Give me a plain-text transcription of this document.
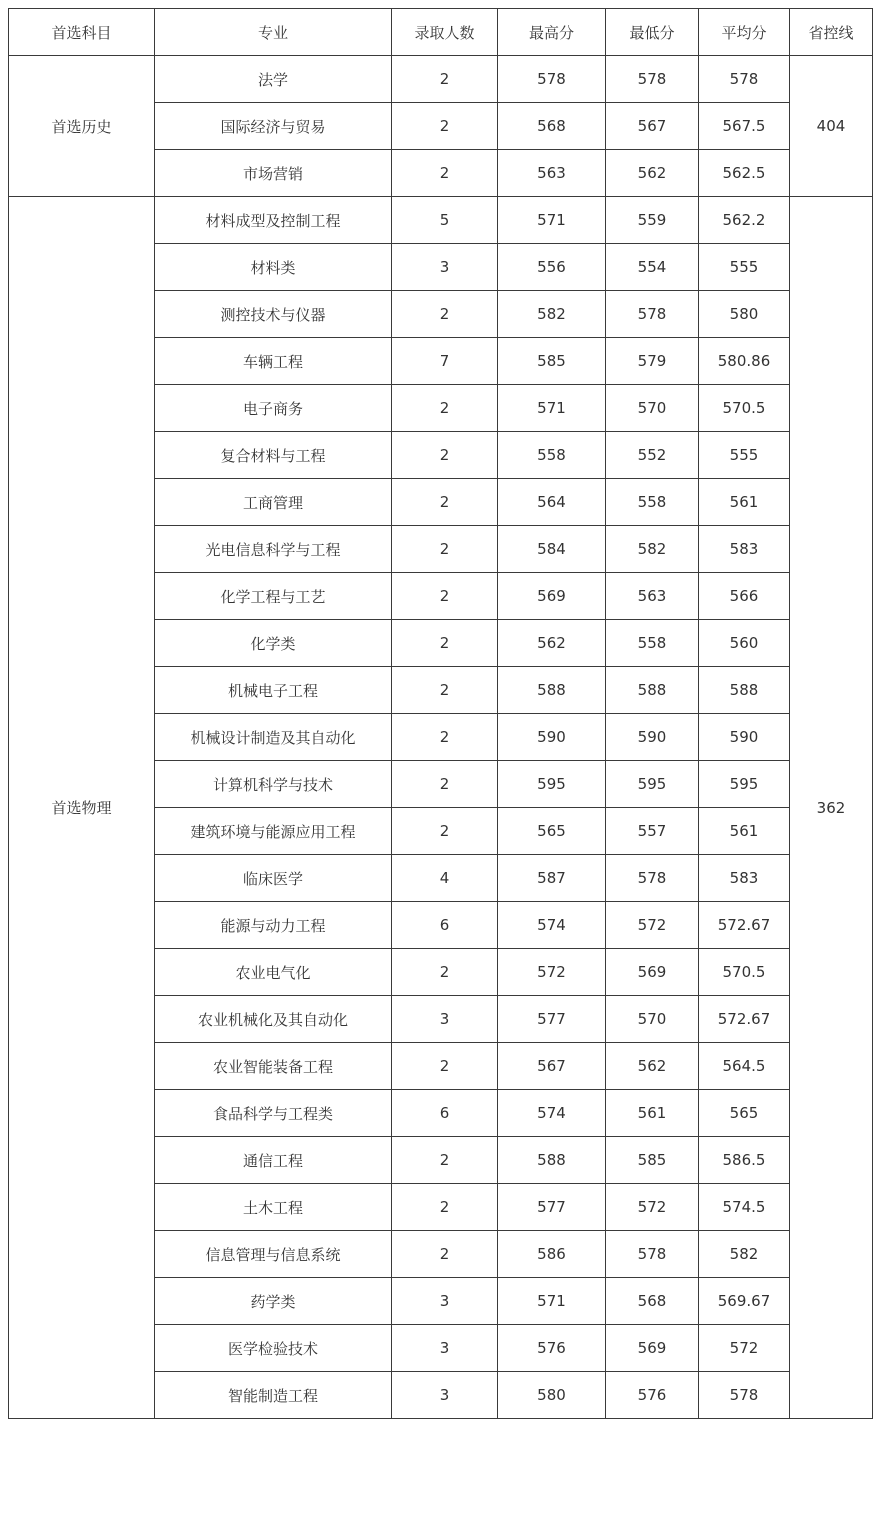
首选科目	专业	录取人数	最高分	最低分	平均分	省控线
首选历史	法学	2	578	578	578	404
	国际经济与贸易	2	568	567	567.5	
	市场营销	2	563	562	562.5	
首选物理	材料成型及控制工程	5	571	559	562.2	362
	材料类	3	556	554	555	
	测控技术与仪器	2	582	578	580	
	车辆工程	7	585	579	580.86	
	电子商务	2	571	570	570.5	
	复合材料与工程	2	558	552	555	
	工商管理	2	564	558	561	
	光电信息科学与工程	2	584	582	583	
	化学工程与工艺	2	569	563	566	
	化学类	2	562	558	560	
	机械电子工程	2	588	588	588	
	机械设计制造及其自动化	2	590	590	590	
	计算机科学与技术	2	595	595	595	
	建筑环境与能源应用工程	2	565	557	561	
	临床医学	4	587	578	583	
	能源与动力工程	6	574	572	572.67	
	农业电气化	2	572	569	570.5	
	农业机械化及其自动化	3	577	570	572.67	
	农业智能装备工程	2	567	562	564.5	
	食品科学与工程类	6	574	561	565	
	通信工程	2	588	585	586.5	
	土木工程	2	577	572	574.5	
	信息管理与信息系统	2	586	578	582	
	药学类	3	571	568	569.67	
	医学检验技术	3	576	569	572	
	智能制造工程	3	580	576	578	
